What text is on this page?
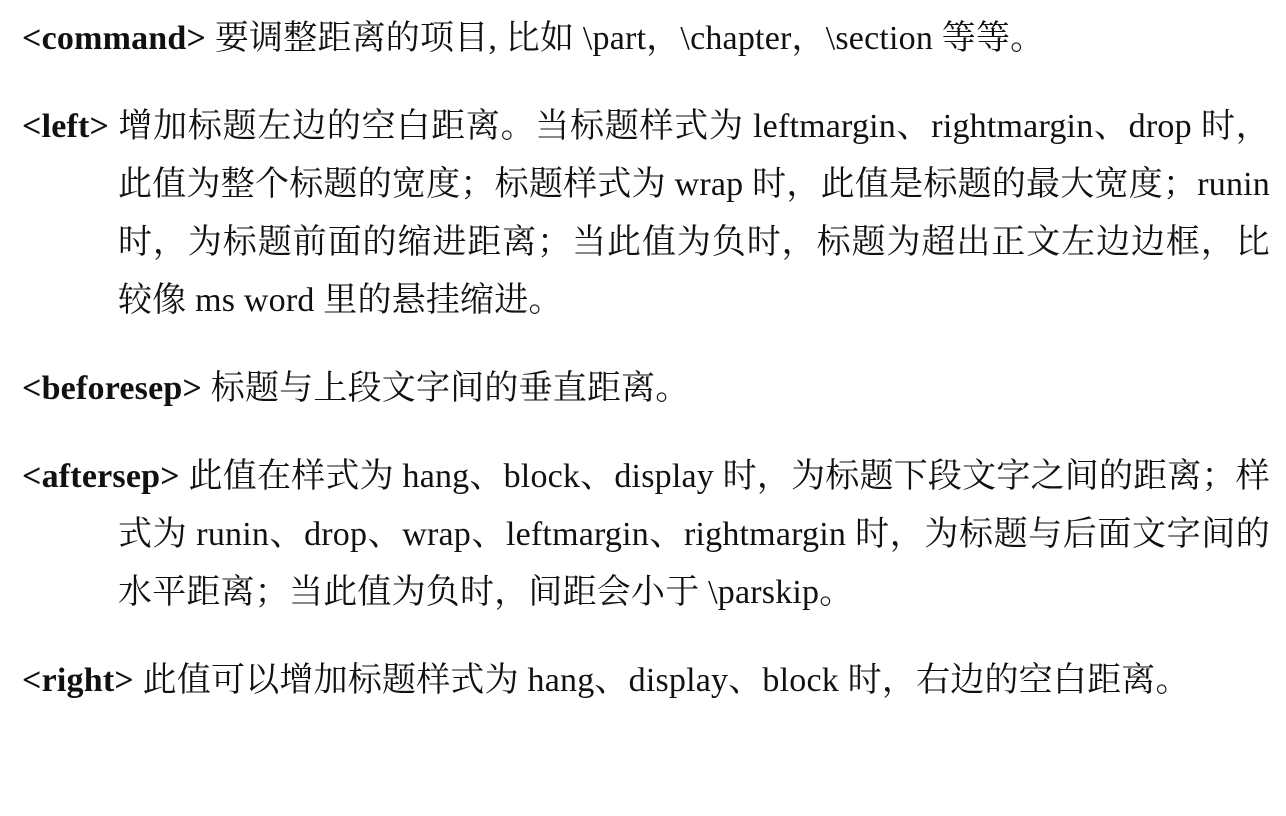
<command> 要调整距离的项目, 比如 \part，\chapter，\section 等等。

<left> 增加标题左边的空白距离。当标题样式为 leftmargin、rightmargin、drop 时，此值为整个标题的宽度；标题样式为 wrap 时，此值是标题的最大宽度；runin 时，为标题前面的缩进距离；当此值为负时，标题为超出正文左边边框，比较像 ms word 里的悬挂缩进。

<beforesep> 标题与上段文字间的垂直距离。

<aftersep> 此值在样式为 hang、block、display 时，为标题下段文字之间的距离；样式为 runin、drop、wrap、leftmargin、rightmargin 时，为标题与后面文字间的水平距离；当此值为负时，间距会小于 \parskip。

<right> 此值可以增加标题样式为 hang、display、block 时，右边的空白距离。
